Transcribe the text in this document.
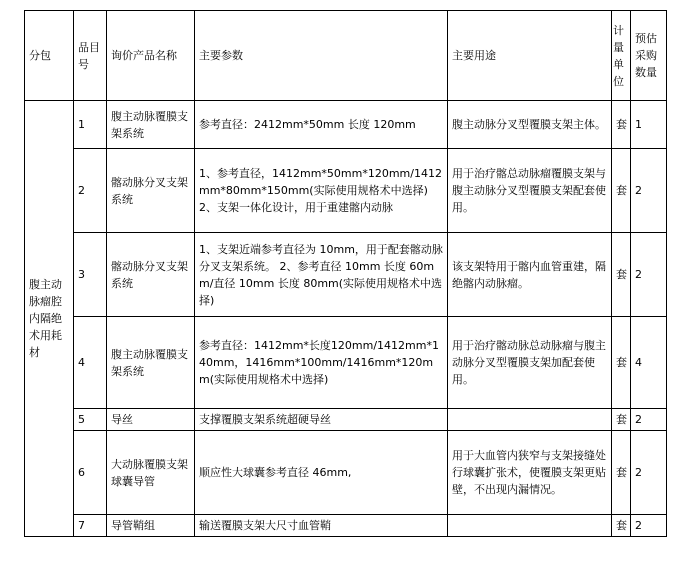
分包	品目号	询价产品名称	主要参数	主要用途	计量单位	预估采购数量
腹主动脉瘤腔内隔绝术用耗材	1	腹主动脉覆膜支架系统	参考直径：2412mm*50mm 长度 120mm	腹主动脉分叉型覆膜支架主体。	套	1
	2	髂动脉分叉支架系统	1、参考直径，1412mm*50mm*120mm/1412mm*80mm*150mm(实际使用规格术中选择) 2、支架一体化设计，用于重建髂内动脉	用于治疗髂总动脉瘤覆膜支架与腹主动脉分叉型覆膜支架配套使用。	套	2
	3	髂动脉分叉支架系统	1、支架近端参考直径为 10mm，用于配套髂动脉分叉支架系统。 2、参考直径 10mm 长度 60mm/直径 10mm 长度 80mm(实际使用规格术中选择)	该支架特用于髂内血管重建，隔绝髂内动脉瘤。	套	2
	4	腹主动脉覆膜支架系统	参考直径：1412mm*长度120mm/1412mm*140mm，1416mm*100mm/1416mm*120mm(实际使用规格术中选择)	用于治疗髂动脉总动脉瘤与腹主动脉分叉型覆膜支架加配套使用。	套	4
	5	导丝	支撑覆膜支架系统超硬导丝		套	2
	6	大动脉覆膜支架球囊导管	顺应性大球囊参考直径 46mm,	用于大血管内狭窄与支架接缝处行球囊扩张术，使覆膜支架更贴壁，不出现内漏情况。	套	2
	7	导管鞘组	输送覆膜支架大尺寸血管鞘		套	2
